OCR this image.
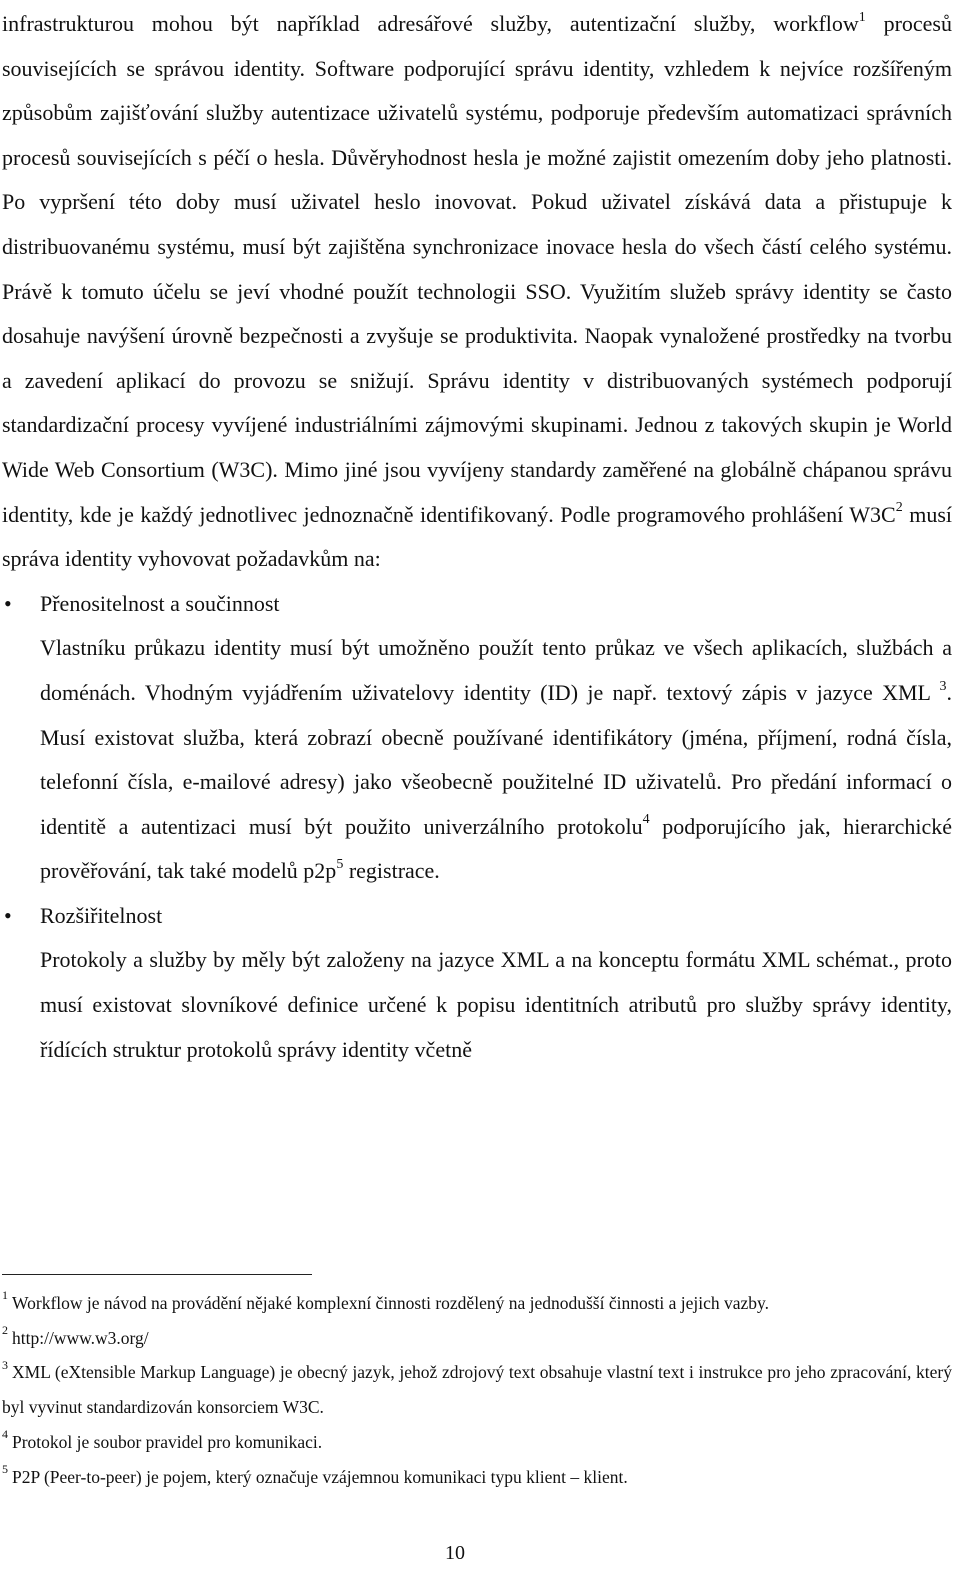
infrastrukturou mohou být například adresářové služby, autentizační služby, workflow$^1$ procesů souvisejících se správou identity. Software podporující správu identity, vzhledem k nejvíce rozšířeným způsobům zajišťování služby autentizace uživatelů systému, podporuje především automatizaci správních procesů souvisejících s péčí o hesla. Důvěryhodnost hesla je možné zajistit omezením doby jeho platnosti. Po vypršení této doby musí uživatel heslo inovovat. Pokud uživatel získává data a přistupuje k distribuovanému systému, musí být zajištěna synchronizace inovace hesla do všech částí celého systému. Právě k tomuto účelu se jeví vhodné použít technologii SSO. Využitím služeb správy identity se často dosahuje navýšení úrovně bezpečnosti a zvyšuje se produktivita. Naopak vynaložené prostředky na tvorbu a zavedení aplikací do provozu se snižují. Správu identity v distribuovaných systémech podporují standardizační procesy vyvíjené industriálními zájmovými skupinami. Jednou z takových skupin je World Wide Web Consortium (W3C). Mimo jiné jsou vyvíjeny standardy zaměřené na globálně chápanou správu identity, kde je každý jednotlivec jednoznačně identifikovaný. Podle programového prohlášení $W3C^2$ musí správa identity vyhovovat požadavkům na:

• Přenositelnost a součinnost
Vlastníku průkazu identity musí být umožněno použít tento průkaz ve všech aplikacích, službách a doménách. Vhodným vyjádřením uživatelovy identity (ID) je např. textový zápis v jazyce XML $^3$. Musí existovat služba, která zobrazí obecně používané identifikátory (jména, příjmení, rodná čísla, telefonní čísla, e-mailové adresy) jako všeobecně použitelné ID uživatelů. Pro předání informací o identitě a autentizaci musí být použito univerzálního protokolu$^4$ podporujícího jak, hierarchické prověřování, tak také modelů $p2p^5$ registrace.
• Rozšiřitelnost
Protokoly a služby by měly být založeny na jazyce XML a na konceptu formátu XML schémat., proto musí existovat slovníkové definice určené k popisu identitních atributů pro služby správy identity, řídících struktur protokolů správy identity včetně

$^1$ Workflow je návod na provádění nějaké komplexní činnosti rozdělený na jednodušší činnosti a jejich vazby.

$^2$ http://www.w3.org/

$^3$ XML (eXtensible Markup Language) je obecný jazyk, jehož zdrojový text obsahuje vlastní text i instrukce pro jeho zpracování, který byl vyvinut standardizován konsorciem W3C.

$^4$ Protokol je soubor pravidel pro komunikaci.

$^5$ P2P (Peer-to-peer) je pojem, který označuje vzájemnou komunikaci typu klient – klient.

10
